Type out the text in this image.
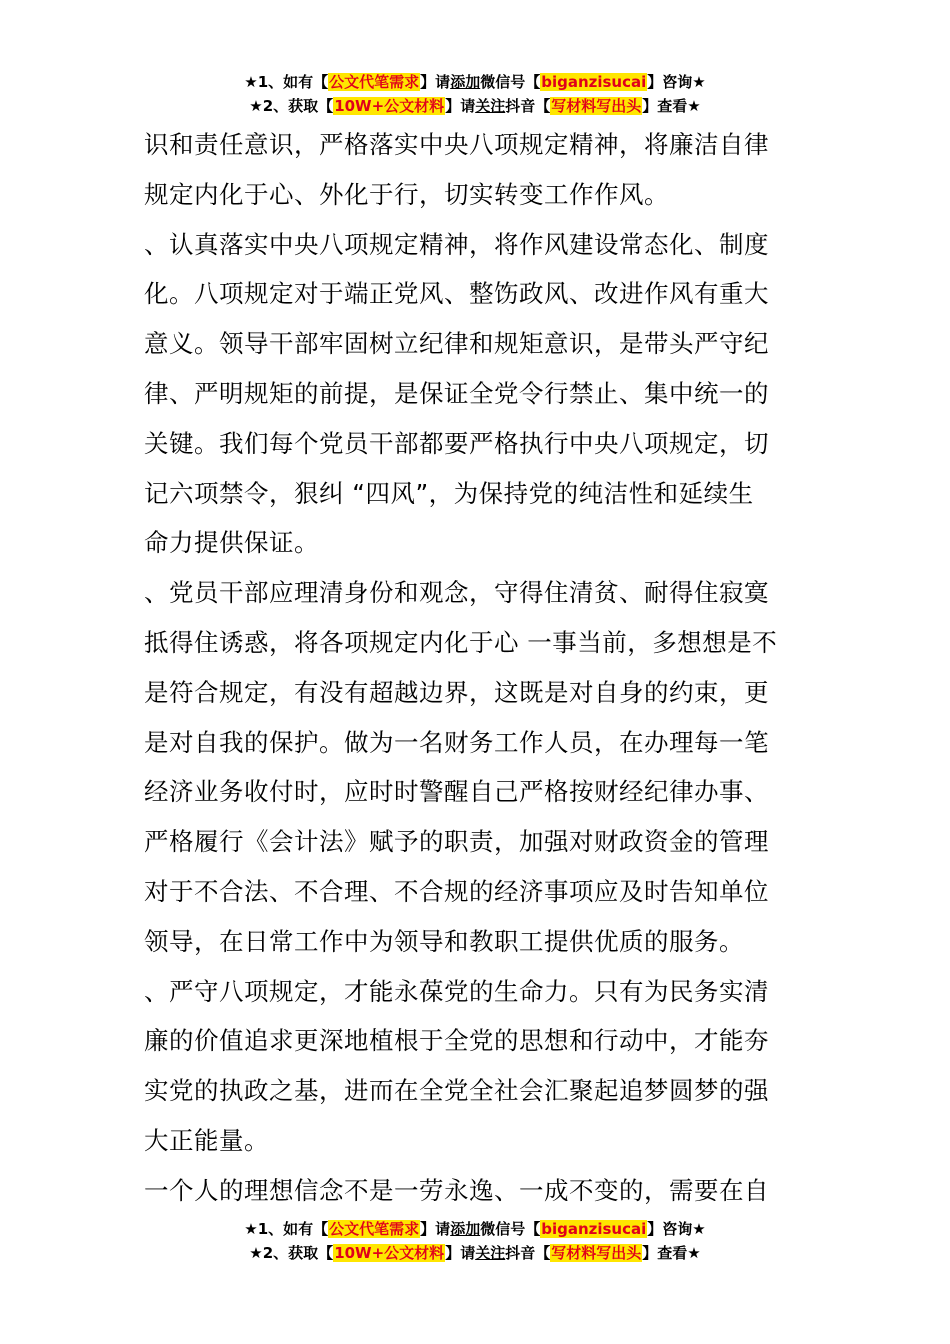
★1、如有【公文代笔需求】请添加微信号【biganzisucai】咨询★
★2、获取【10W+公文材料】请关注抖音【写材料写出头】查看★
识和责任意识，严格落实中央八项规定精神，将廉洁自律
规定内化于心、外化于行，切实转变工作作风。
、认真落实中央八项规定精神，将作风建设常态化、制度
化。八项规定对于端正党风、整饬政风、改进作风有重大
意义。领导干部牢固树立纪律和规矩意识，是带头严守纪
律、严明规矩的前提，是保证全党令行禁止、集中统一的
关键。我们每个党员干部都要严格执行中央八项规定，切
记六项禁令，狠纠 “四风”，为保持党的纯洁性和延续生
命力提供保证。
、党员干部应理清身份和观念，守得住清贫、耐得住寂寞
抵得住诱惑，将各项规定内化于心 一事当前，多想想是不
是符合规定，有没有超越边界，这既是对自身的约束，更
是对自我的保护。做为一名财务工作人员，在办理每一笔
经济业务收付时，应时时警醒自己严格按财经纪律办事、
严格履行《会计法》赋予的职责，加强对财政资金的管理
对于不合法、不合理、不合规的经济事项应及时告知单位
领导，在日常工作中为领导和教职工提供优质的服务。
、严守八项规定，才能永葆党的生命力。只有为民务实清
廉的价值追求更深地植根于全党的思想和行动中，才能夯
实党的执政之基，进而在全党全社会汇聚起追梦圆梦的强
大正能量。
一个人的理想信念不是一劳永逸、一成不变的，需要在自
★1、如有【公文代笔需求】请添加微信号【biganzisucai】咨询★
★2、获取【10W+公文材料】请关注抖音【写材料写出头】查看★
